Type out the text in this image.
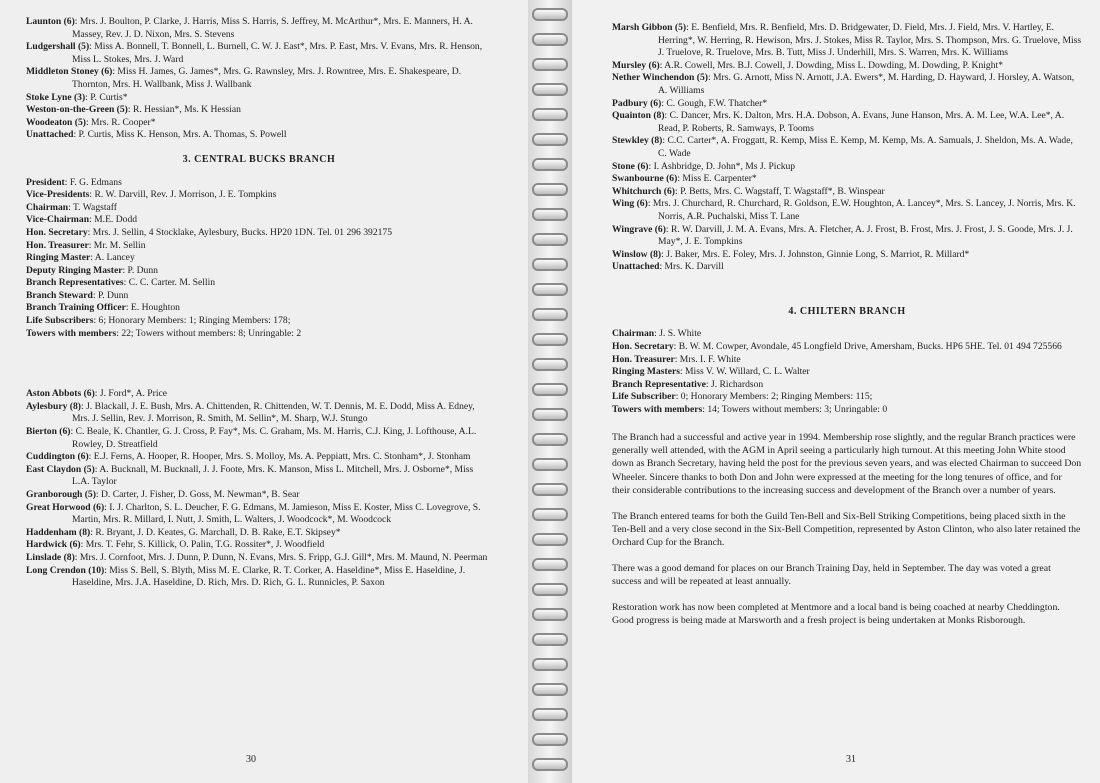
Launton (6): Mrs. J. Boulton, P. Clarke, J. Harris, Miss S. Harris, S. Jeffrey, M. McArthur*, Mrs. E. Manners, H. A. Massey, Rev. J. D. Nixon, Mrs. S. Stevens

Ludgershall (5): Miss A. Bonnell, T. Bonnell, L. Burnell, C. W. J. East*, Mrs. P. East, Mrs. V. Evans, Mrs. R. Henson, Miss L. Stokes, Mrs. J. Ward

Middleton Stoney (6): Miss H. James, G. James*, Mrs. G. Rawnsley, Mrs. J. Rowntree, Mrs. E. Shakespeare, D. Thornton, Mrs. H. Wallbank, Miss J. Wallbank

Stoke Lyne (3): P. Curtis*

Weston-on-the-Green (5): R. Hessian*, Ms. K Hessian

Woodeaton (5): Mrs. R. Cooper*

Unattached: P. Curtis, Miss K. Henson, Mrs. A. Thomas, S. Powell

3. CENTRAL BUCKS BRANCH

President: F. G. Edmans

Vice-Presidents: R. W. Darvill, Rev. J. Morrison, J. E. Tompkins

Chairman: T. Wagstaff

Vice-Chairman: M.E. Dodd

Hon. Secretary: Mrs. J. Sellin, 4 Stocklake, Aylesbury, Bucks. HP20 1DN. Tel. 01 296 392175

Hon. Treasurer: Mr. M. Sellin

Ringing Master: A. Lancey

Deputy Ringing Master: P. Dunn

Branch Representatives: C. C. Carter. M. Sellin

Branch Steward: P. Dunn

Branch Training Officer: E. Houghton

Life Subscribers: 6; Honorary Members: 1; Ringing Members: 178;

Towers with members: 22; Towers without members: 8; Unringable: 2

Aston Abbots (6): J. Ford*, A. Price

Aylesbury (8): J. Blackall, J. E. Bush, Mrs. A. Chittenden, R. Chittenden, W. T. Dennis, M. E. Dodd, Miss A. Edney, Mrs. J. Sellin, Rev. J. Morrison, R. Smith, M. Sellin*, M. Sharp, W.J. Stungo

Bierton (6): C. Beale, K. Chantler, G. J. Cross, P. Fay*, Ms. C. Graham, Ms. M. Harris, C.J. King, J. Lofthouse, A.L. Rowley, D. Streatfield

Cuddington (6): E.J. Ferns, A. Hooper, R. Hooper, Mrs. S. Molloy, Ms. A. Peppiatt, Mrs. C. Stonham*, J. Stonham

East Claydon (5): A. Bucknall, M. Bucknall, J. J. Foote, Mrs. K. Manson, Miss L. Mitchell, Mrs. J. Osborne*, Miss L.A. Taylor

Granborough (5): D. Carter, J. Fisher, D. Goss, M. Newman*, B. Sear

Great Horwood (6): I. J. Charlton, S. L. Deucher, F. G. Edmans, M. Jamieson, Miss E. Koster, Miss C. Lovegrove, S. Martin, Mrs. R. Millard, I. Nutt, J. Smith, L. Walters, J. Woodcock*, M. Woodcock

Haddenham (8): R. Bryant, J. D. Keates, G. Marchall, D. B. Rake, E.T. Skipsey*

Hardwick (6): Mrs. T. Fehr, S. Killick, O. Palin, T.G. Rossiter*, J. Woodfield

Linslade (8): Mrs. J. Cornfoot, Mrs. J. Dunn, P. Dunn, N. Evans, Mrs. S. Fripp, G.J. Gill*, Mrs. M. Maund, N. Peerman

Long Crendon (10): Miss S. Bell, S. Blyth, Miss M. E. Clarke, R. T. Corker, A. Haseldine*, Miss E. Haseldine, J. Haseldine, Mrs. J.A. Haseldine, D. Rich, Mrs. D. Rich, G. L. Runnicles, P. Saxon

30

Marsh Gibbon (5): E. Benfield, Mrs. R. Benfield, Mrs. D. Bridgewater, D. Field, Mrs. J. Field, Mrs. V. Hartley, E. Herring*, W. Herring, R. Hewison, Mrs. J. Stokes, Miss R. Taylor, Mrs. S. Thompson, Mrs. G. Truelove, Miss J. Truelove, R. Truelove, Mrs. B. Tutt, Miss J. Underhill, Mrs. S. Warren, Mrs. K. Williams

Mursley (6): A.R. Cowell, Mrs. B.J. Cowell, J. Dowding, Miss L. Dowding, M. Dowding, P. Knight*

Nether Winchendon (5): Mrs. G. Arnott, Miss N. Arnott, J.A. Ewers*, M. Harding, D. Hayward, J. Horsley, A. Watson, A. Williams

Padbury (6): C. Gough, F.W. Thatcher*

Quainton (8): C. Dancer, Mrs. K. Dalton, Mrs. H.A. Dobson, A. Evans, June Hanson, Mrs. A. M. Lee, W.A. Lee*, A. Read, P. Roberts, R. Samways, P. Tooms

Stewkley (8): C.C. Carter*, A. Froggatt, R. Kemp, Miss E. Kemp, M. Kemp, Ms. A. Samuals, J. Sheldon, Ms. A. Wade, C. Wade

Stone (6): I. Ashbridge, D. John*, Ms J. Pickup

Swanbourne (6): Miss E. Carpenter*

Whitchurch (6): P. Betts, Mrs. C. Wagstaff, T. Wagstaff*, B. Winspear

Wing (6): Mrs. J. Churchard, R. Churchard, R. Goldson, E.W. Houghton, A. Lancey*, Mrs. S. Lancey, J. Norris, Mrs. K. Norris, A.R. Puchalski, Miss T. Lane

Wingrave (6): R. W. Darvill, J. M. A. Evans, Mrs. A. Fletcher, A. J. Frost, B. Frost, Mrs. J. Frost, J. S. Goode, Mrs. J. J. May*, J. E. Tompkins

Winslow (8): J. Baker, Mrs. E. Foley, Mrs. J. Johnston, Ginnie Long, S. Marriot, R. Millard*

Unattached: Mrs. K. Darvill

4. CHILTERN BRANCH

Chairman: J. S. White

Hon. Secretary: B. W. M. Cowper, Avondale, 45 Longfield Drive, Amersham, Bucks. HP6 5HE. Tel. 01 494 725566

Hon. Treasurer: Mrs. I. F. White

Ringing Masters: Miss V. W. Willard, C. L. Walter

Branch Representative: J. Richardson

Life Subscriber: 0; Honorary Members: 2; Ringing Members: 115;

Towers with members: 14; Towers without members: 3; Unringable: 0

The Branch had a successful and active year in 1994. Membership rose slightly, and the regular Branch practices were generally well attended, with the AGM in April seeing a particularly high turnout. At this meeting John White stood down as Branch Secretary, having held the post for the previous seven years, and was elected Chairman to succeed Don Wheeler. Sincere thanks to both Don and John were expressed at the meeting for the long tenures of office, and for their considerable contributions to the increasing success and development of the Branch over a number of years.

The Branch entered teams for both the Guild Ten-Bell and Six-Bell Striking Competitions, being placed sixth in the Ten-Bell and a very close second in the Six-Bell Competition, represented by Aston Clinton, who also later retained the Orchard Cup for the Branch.

There was a good demand for places on our Branch Training Day, held in September. The day was voted a great success and will be repeated at least annually.

Restoration work has now been completed at Mentmore and a local band is being coached at nearby Cheddington. Good progress is being made at Marsworth and a fresh project is being undertaken at Monks Risborough.

31
